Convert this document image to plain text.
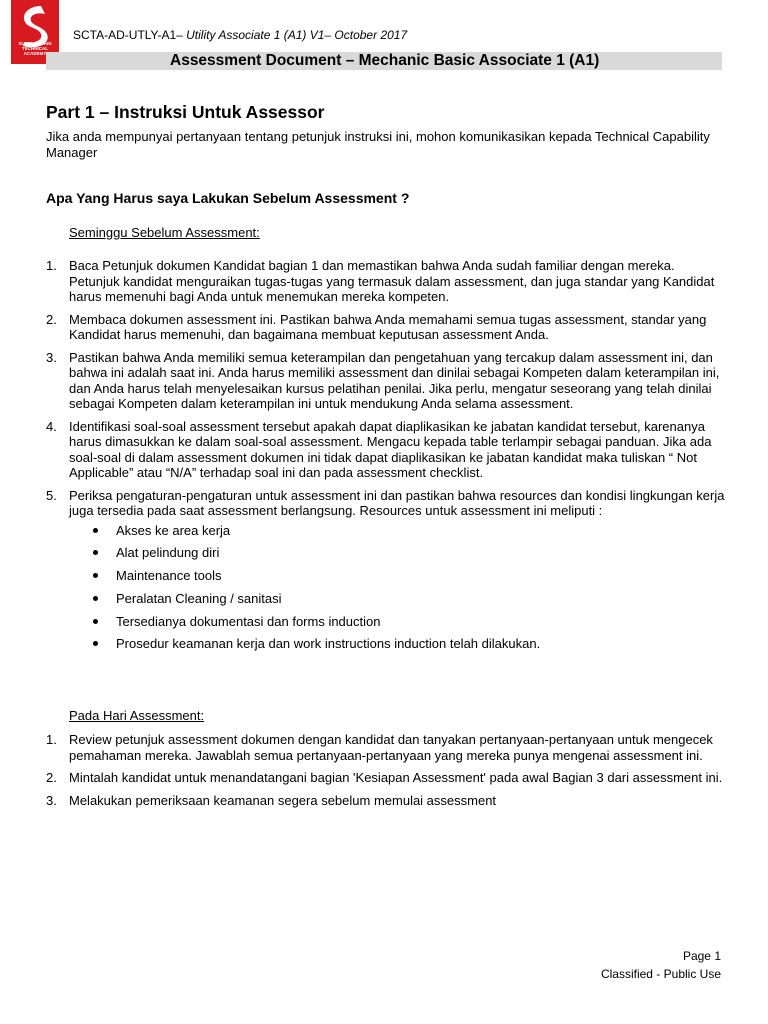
SUPPLY CHAIN
TECHNICAL
ACADEMY
SCTA-AD-UTLY-A1– Utility Associate 1 (A1) V1– October 2017
Assessment Document – Mechanic Basic Associate 1 (A1)
Part 1 – Instruksi Untuk Assessor
Jika anda mempunyai pertanyaan tentang petunjuk instruksi ini, mohon komunikasikan kepada Technical Capability Manager
Apa Yang Harus saya Lakukan Sebelum Assessment ?
Seminggu Sebelum Assessment:
1. Baca Petunjuk dokumen Kandidat bagian 1 dan memastikan bahwa Anda sudah familiar dengan mereka. Petunjuk kandidat menguraikan tugas-tugas yang termasuk dalam assessment, dan juga standar yang Kandidat harus memenuhi bagi Anda untuk menemukan mereka kompeten.
2. Membaca dokumen assessment ini. Pastikan bahwa Anda memahami semua tugas assessment, standar yang Kandidat harus memenuhi, dan bagaimana membuat keputusan assessment Anda.
3. Pastikan bahwa Anda memiliki semua keterampilan dan pengetahuan yang tercakup dalam assessment ini, dan bahwa ini adalah saat ini. Anda harus memiliki assessment dan dinilai sebagai Kompeten dalam keterampilan ini, dan Anda harus telah menyelesaikan kursus pelatihan penilai. Jika perlu, mengatur seseorang yang telah dinilai sebagai Kompeten dalam keterampilan ini untuk mendukung Anda selama assessment.
4. Identifikasi soal-soal assessment tersebut apakah dapat diaplikasikan ke jabatan kandidat tersebut, karenanya harus dimasukkan ke dalam soal-soal assessment. Mengacu kepada table terlampir sebagai panduan. Jika ada soal-soal di dalam assessment dokumen ini tidak dapat diaplikasikan ke jabatan kandidat maka tuliskan “ Not Applicable” atau “N/A” terhadap soal ini dan pada assessment checklist.
5. Periksa pengaturan-pengaturan untuk assessment ini dan pastikan bahwa resources dan kondisi lingkungan kerja juga tersedia pada saat assessment berlangsung. Resources untuk assessment ini meliputi :
Akses ke area kerja
Alat pelindung diri
Maintenance tools
Peralatan Cleaning / sanitasi
Tersedianya dokumentasi dan forms induction
Prosedur keamanan kerja dan work instructions induction telah dilakukan.
Pada Hari Assessment:
1. Review petunjuk assessment dokumen dengan kandidat dan tanyakan pertanyaan-pertanyaan untuk mengecek pemahaman mereka. Jawablah semua pertanyaan-pertanyaan yang mereka punya mengenai assessment ini.
2. Mintalah kandidat untuk menandatangani bagian 'Kesiapan Assessment' pada awal Bagian 3 dari assessment ini.
3. Melakukan pemeriksaan keamanan segera sebelum memulai assessment
Page 1
Classified - Public Use
